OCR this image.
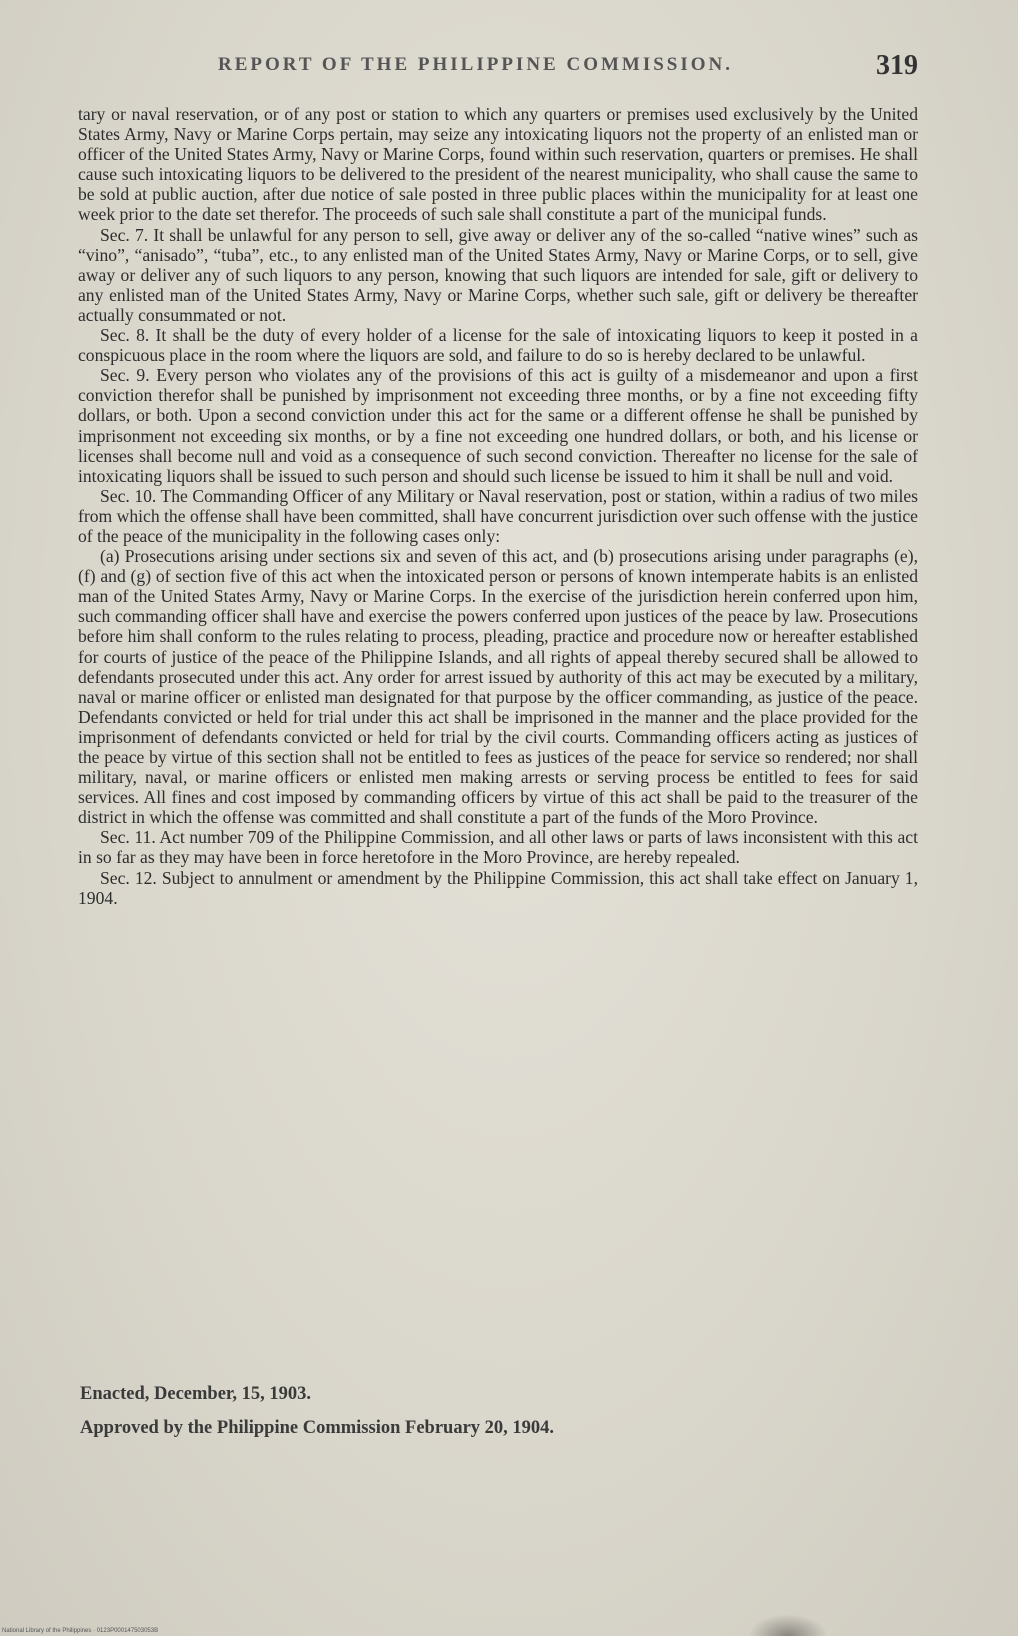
REPORT OF THE PHILIPPINE COMMISSION.	319

tary or naval reservation, or of any post or station to which any quarters or premises used exclusively by the United States Army, Navy or Marine Corps pertain, may seize any intoxicating liquors not the property of an enlisted man or officer of the United States Army, Navy or Marine Corps, found within such reservation, quarters or premises. He shall cause such intoxicating liquors to be delivered to the president of the nearest municipality, who shall cause the same to be sold at public auction, after due notice of sale posted in three public places within the municipality for at least one week prior to the date set therefor. The proceeds of such sale shall constitute a part of the municipal funds.

Sec. 7. It shall be unlawful for any person to sell, give away or deliver any of the so-called “native wines” such as “vino”, “anisado”, “tuba”, etc., to any enlisted man of the United States Army, Navy or Marine Corps, or to sell, give away or deliver any of such liquors to any person, knowing that such liquors are intended for sale, gift or delivery to any enlisted man of the United States Army, Navy or Marine Corps, whether such sale, gift or delivery be thereafter actually consummated or not.

Sec. 8. It shall be the duty of every holder of a license for the sale of intoxicating liquors to keep it posted in a conspicuous place in the room where the liquors are sold, and failure to do so is hereby declared to be unlawful.

Sec. 9. Every person who violates any of the provisions of this act is guilty of a misdemeanor and upon a first conviction therefor shall be punished by imprisonment not exceeding three months, or by a fine not exceeding fifty dollars, or both. Upon a second conviction under this act for the same or a different offense he shall be punished by imprisonment not exceeding six months, or by a fine not exceeding one hundred dollars, or both, and his license or licenses shall become null and void as a consequence of such second conviction. Thereafter no license for the sale of intoxicating liquors shall be issued to such person and should such license be issued to him it shall be null and void.

Sec. 10. The Commanding Officer of any Military or Naval reservation, post or station, within a radius of two miles from which the offense shall have been committed, shall have concurrent jurisdiction over such offense with the justice of the peace of the municipality in the following cases only:

(a) Prosecutions arising under sections six and seven of this act, and (b) prosecutions arising under paragraphs (e), (f) and (g) of section five of this act when the intoxicated person or persons of known intemperate habits is an enlisted man of the United States Army, Navy or Marine Corps. In the exercise of the jurisdiction herein conferred upon him, such commanding officer shall have and exercise the powers conferred upon justices of the peace by law. Prosecutions before him shall conform to the rules relating to process, pleading, practice and procedure now or hereafter established for courts of justice of the peace of the Philippine Islands, and all rights of appeal thereby secured shall be allowed to defendants prosecuted under this act. Any order for arrest issued by authority of this act may be executed by a military, naval or marine officer or enlisted man designated for that purpose by the officer commanding, as justice of the peace. Defendants convicted or held for trial under this act shall be imprisoned in the manner and the place provided for the imprisonment of defendants convicted or held for trial by the civil courts. Commanding officers acting as justices of the peace by virtue of this section shall not be entitled to fees as justices of the peace for service so rendered; nor shall military, naval, or marine officers or enlisted men making arrests or serving process be entitled to fees for said services. All fines and cost imposed by commanding officers by virtue of this act shall be paid to the treasurer of the district in which the offense was committed and shall constitute a part of the funds of the Moro Province.

Sec. 11. Act number 709 of the Philippine Commission, and all other laws or parts of laws inconsistent with this act in so far as they may have been in force heretofore in the Moro Province, are hereby repealed.

Sec. 12. Subject to annulment or amendment by the Philippine Commission, this act shall take effect on January 1, 1904.

Enacted, December, 15, 1903.
Approved by the Philippine Commission February 20, 1904.
National Library of the Philippines · 0123P000147503053B
